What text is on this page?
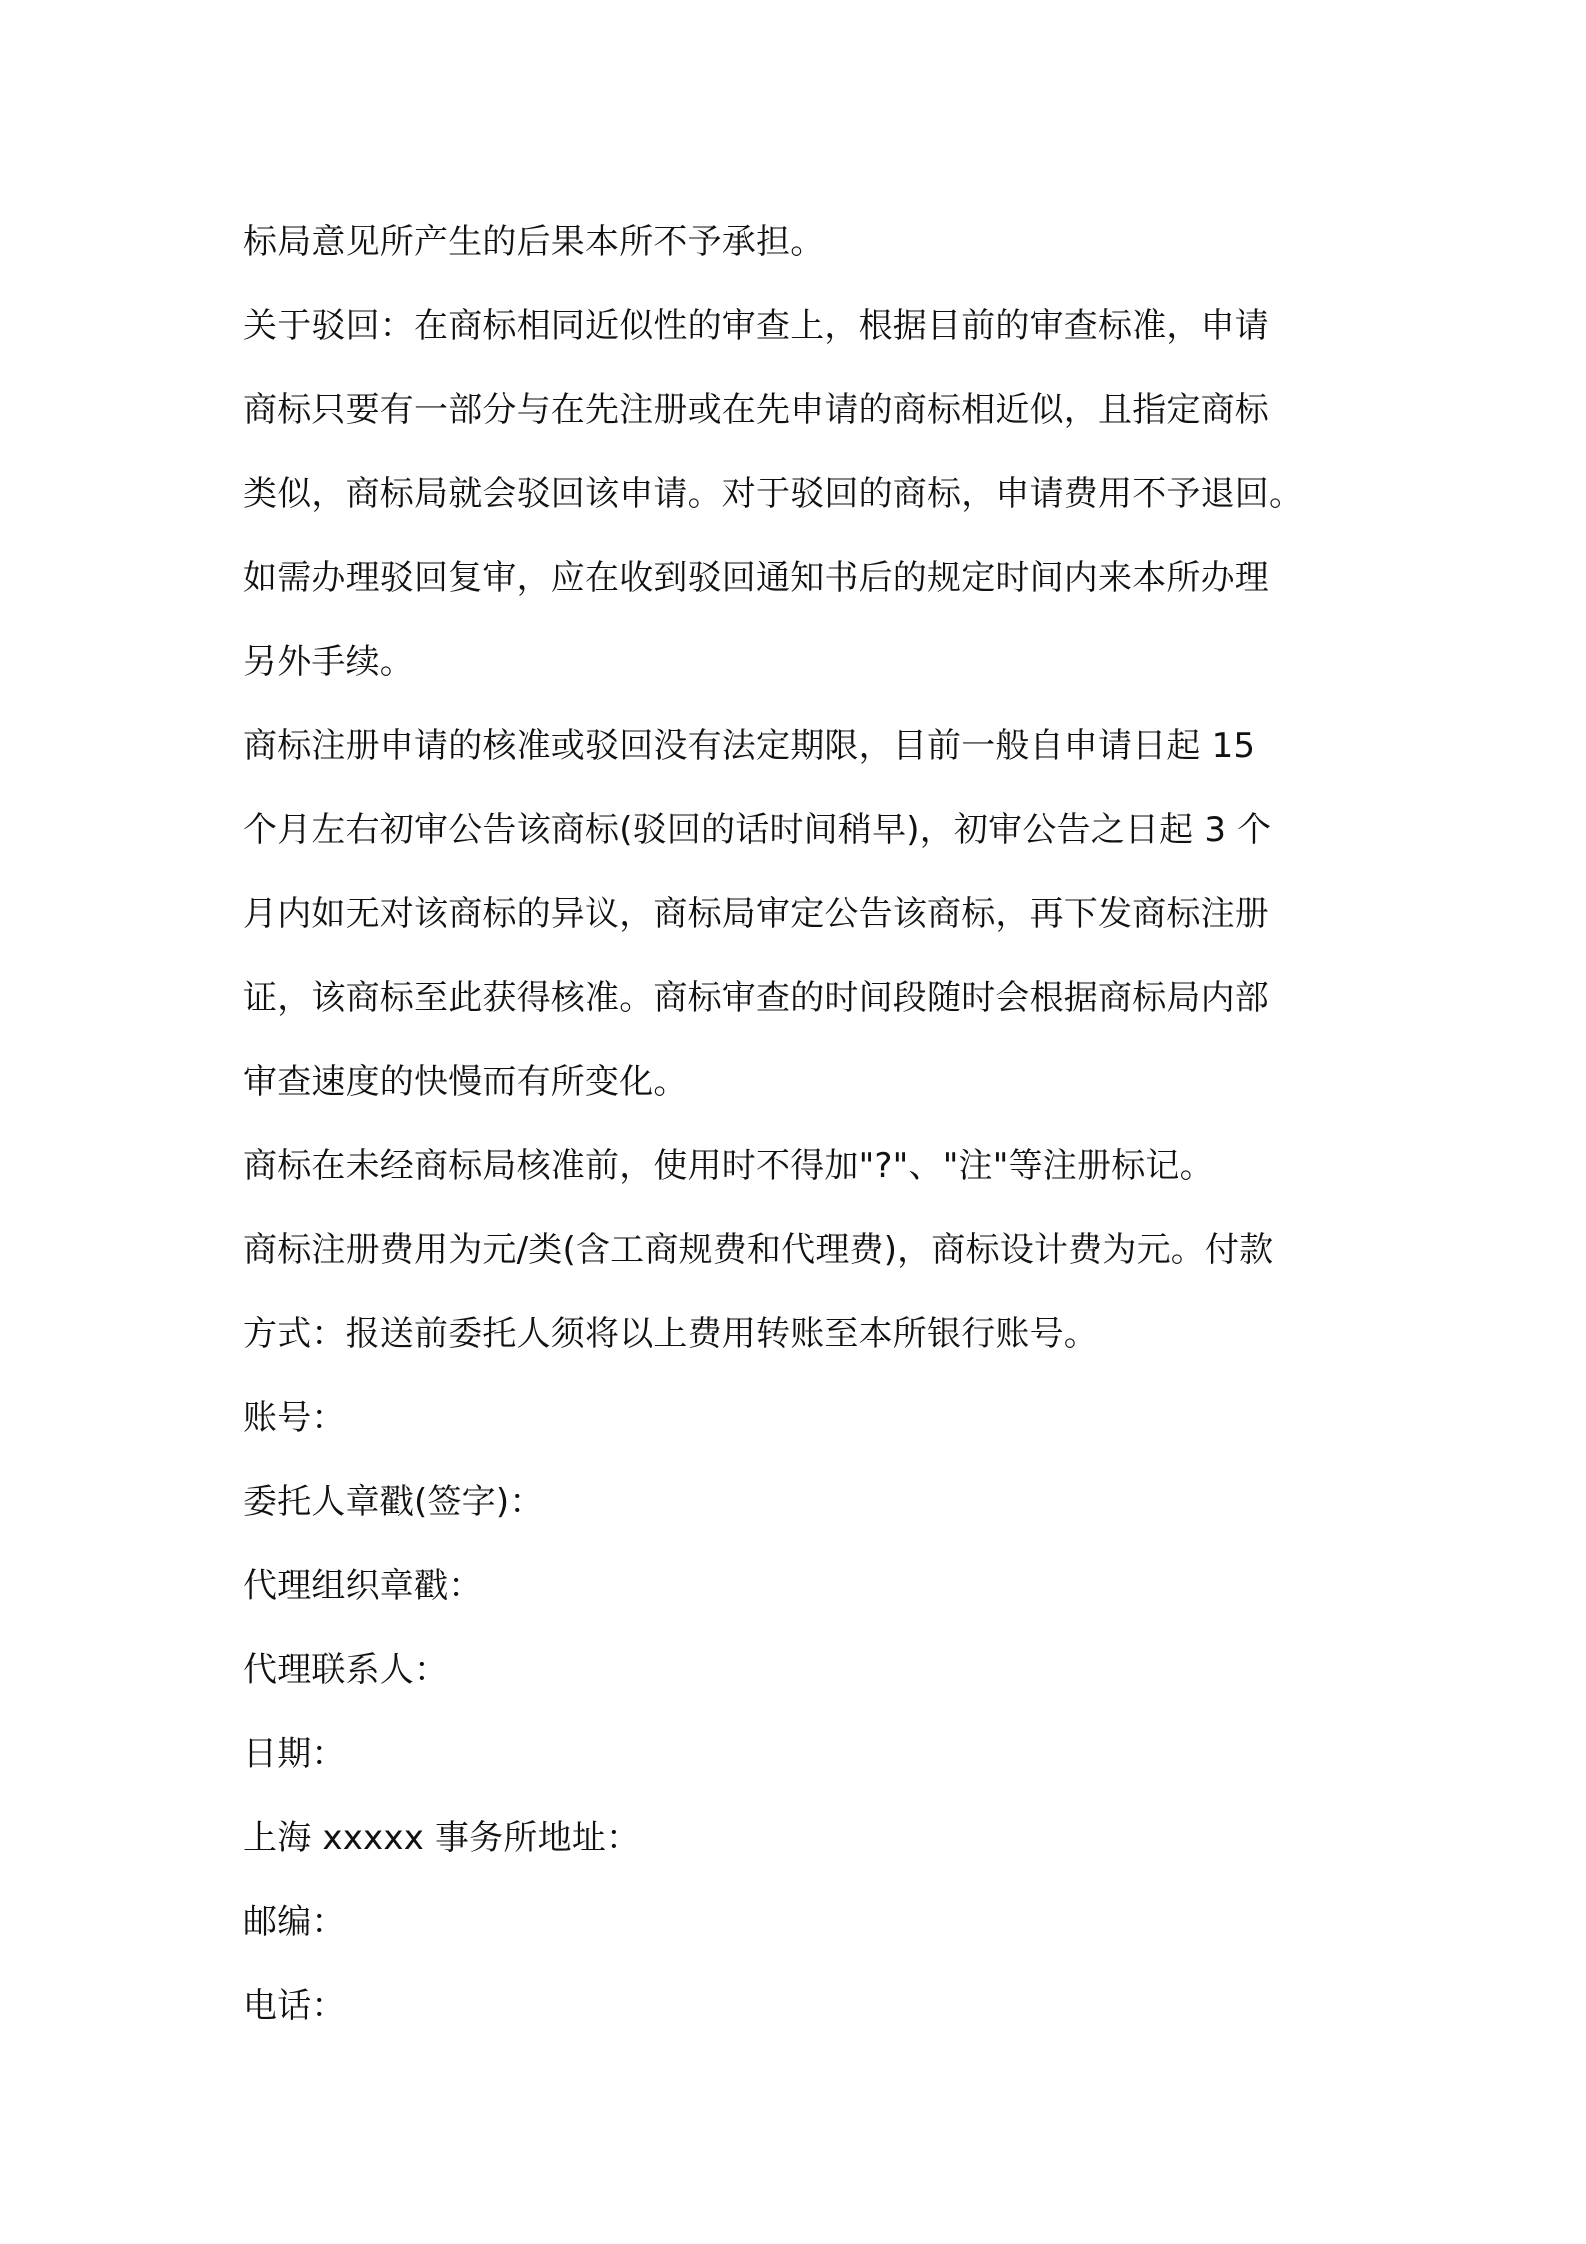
标局意见所产生的后果本所不予承担。
关于驳回：在商标相同近似性的审查上，根据目前的审查标准，申请
商标只要有一部分与在先注册或在先申请的商标相近似，且指定商标
类似，商标局就会驳回该申请。对于驳回的商标，申请费用不予退回。
如需办理驳回复审，应在收到驳回通知书后的规定时间内来本所办理
另外手续。
商标注册申请的核准或驳回没有法定期限，目前一般自申请日起 15
个月左右初审公告该商标(驳回的话时间稍早)，初审公告之日起 3 个
月内如无对该商标的异议，商标局审定公告该商标，再下发商标注册
证，该商标至此获得核准。商标审查的时间段随时会根据商标局内部
审查速度的快慢而有所变化。
商标在未经商标局核准前，使用时不得加"?"、"注"等注册标记。
商标注册费用为元/类(含工商规费和代理费)，商标设计费为元。付款
方式：报送前委托人须将以上费用转账至本所银行账号。
账号：
委托人章戳(签字)：
代理组织章戳：
代理联系人：
日期：
上海 xxxxx 事务所地址：
邮编：
电话：
